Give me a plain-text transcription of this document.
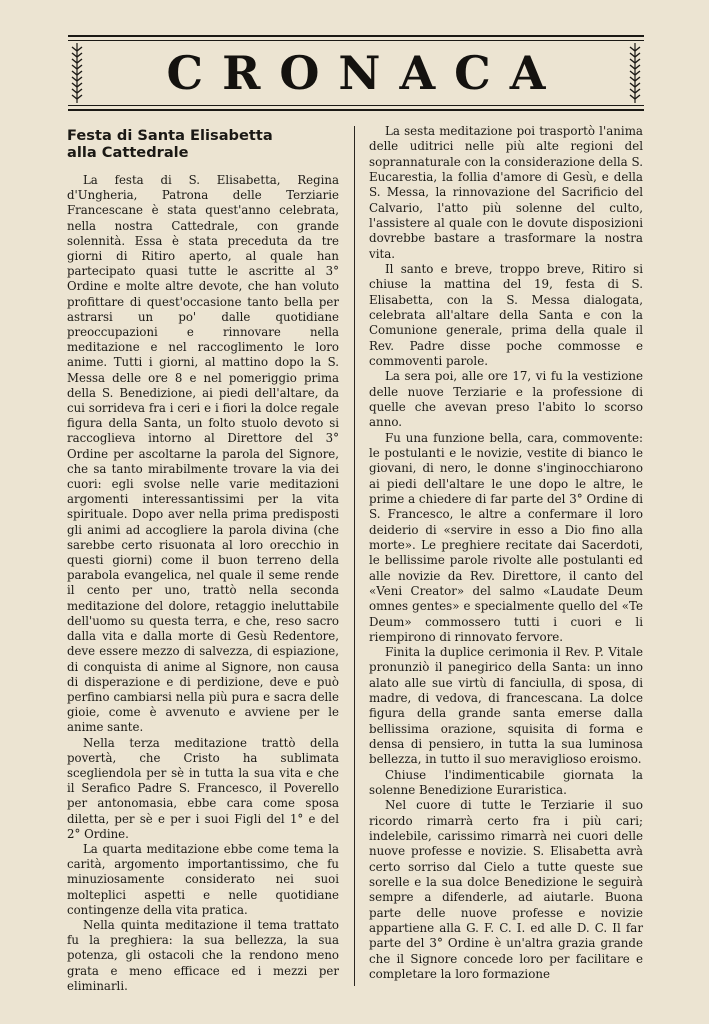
CRONACA
Festa di Santa Elisabetta
alla Cattedrale

La festa di S. Elisabetta, Regina d'Ungheria, Patrona delle Terziarie Francescane è stata quest'anno celebrata, nella nostra Cattedrale, con grande solennità. Essa è stata preceduta da tre giorni di Ritiro aperto, al quale han partecipato quasi tutte le ascritte al 3° Ordine e molte altre devote, che han voluto profittare di quest'occasione tanto bella per astrarsi un po' dalle quotidiane preoccupazioni e rinnovare nella meditazione e nel raccoglimento le loro anime. Tutti i giorni, al mattino dopo la S. Messa delle ore 8 e nel pomeriggio prima della S. Benedizione, ai piedi dell'altare, da cui sorrideva fra i ceri e i fiori la dolce regale figura della Santa, un folto stuolo devoto si raccoglieva intorno al Direttore del 3° Ordine per ascoltarne la parola del Signore, che sa tanto mirabilmente trovare la via dei cuori: egli svolse nelle varie meditazioni argomenti interessantissimi per la vita spirituale. Dopo aver nella prima predisposti gli animi ad accogliere la parola divina (che sarebbe certo risuonata al loro orecchio in questi giorni) come il buon terreno della parabola evangelica, nel quale il seme rende il cento per uno, trattò nella seconda meditazione del dolore, retaggio ineluttabile dell'uomo su questa terra, e che, reso sacro dalla vita e dalla morte di Gesù Redentore, deve essere mezzo di salvezza, di espiazione, di conquista di anime al Signore, non causa di disperazione e di perdizione, deve e può perfino cambiarsi nella più pura e sacra delle gioie, come è avvenuto e avviene per le anime sante.

Nella terza meditazione trattò della povertà, che Cristo ha sublimata scegliendola per sè in tutta la sua vita e che il Serafico Padre S. Francesco, il Poverello per antonomasia, ebbe cara come sposa diletta, per sè e per i suoi Figli del 1° e del 2° Ordine.

La quarta meditazione ebbe come tema la carità, argomento importantissimo, che fu minuziosamente considerato nei suoi molteplici aspetti e nelle quotidiane contingenze della vita pratica.

Nella quinta meditazione il tema trattato fu la preghiera: la sua bellezza, la sua potenza, gli ostacoli che la rendono meno grata e meno efficace ed i mezzi per eliminarli.

La sesta meditazione poi trasportò l'anima delle uditrici nelle più alte regioni del soprannaturale con la considerazione della S. Eucarestia, la follia d'amore di Gesù, e della S. Messa, la rinnovazione del Sacrificio del Calvario, l'atto più solenne del culto, l'assistere al quale con le dovute disposizioni dovrebbe bastare a trasformare la nostra vita.

Il santo e breve, troppo breve, Ritiro si chiuse la mattina del 19, festa di S. Elisabetta, con la S. Messa dialogata, celebrata all'altare della Santa e con la Comunione generale, prima della quale il Rev. Padre disse poche commosse e commoventi parole.

La sera poi, alle ore 17, vi fu la vestizione delle nuove Terziarie e la professione di quelle che avevan preso l'abito lo scorso anno.

Fu una funzione bella, cara, commovente: le postulanti e le novizie, vestite di bianco le giovani, di nero, le donne s'inginocchiarono ai piedi dell'altare le une dopo le altre, le prime a chiedere di far parte del 3° Ordine di S. Francesco, le altre a confermare il loro deiderio di «servire in esso a Dio fino alla morte». Le preghiere recitate dai Sacerdoti, le bellissime parole rivolte alle postulanti ed alle novizie da Rev. Direttore, il canto del «Veni Creator» del salmo «Laudate Deum omnes gentes» e specialmente quello del «Te Deum» commossero tutti i cuori e li riempirono di rinnovato fervore.

Finita la duplice cerimonia il Rev. P. Vitale pronunziò il panegirico della Santa: un inno alato alle sue virtù di fanciulla, di sposa, di madre, di vedova, di francescana. La dolce figura della grande santa emerse dalla bellissima orazione, squisita di forma e densa di pensiero, in tutta la sua luminosa bellezza, in tutto il suo meraviglioso eroismo.

Chiuse l'indimenticabile giornata la solenne Benedizione Euraristica.

Nel cuore di tutte le Terziarie il suo ricordo rimarrà certo fra i più cari; indelebile, carissimo rimarrà nei cuori delle nuove professe e novizie. S. Elisabetta avrà certo sorriso dal Cielo a tutte queste sue sorelle e la sua dolce Benedizione le seguirà sempre a difenderle, ad aiutarle. Buona parte delle nuove professe e novizie appartiene alla G. F. C. I. ed alle D. C. Il far parte del 3° Ordine è un'altra grazia grande che il Signore concede loro per facilitare e completare la loro formazione
